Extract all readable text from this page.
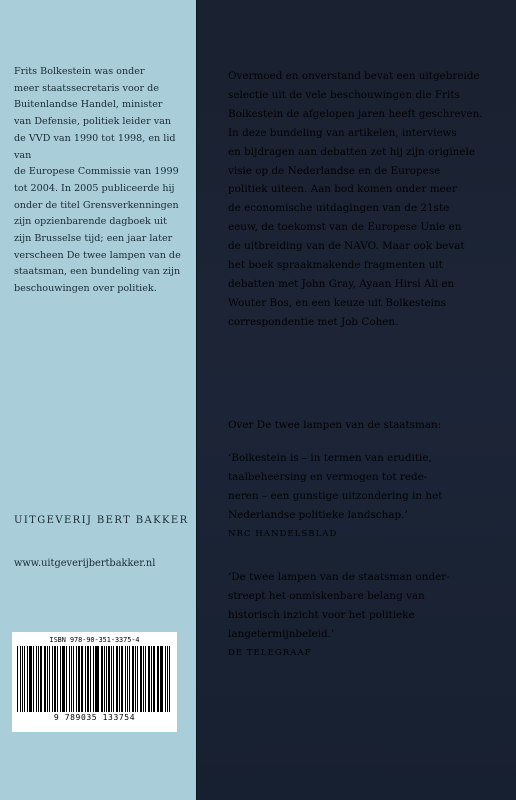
Frits Bolkestein was onder

meer staatssecretaris voor de

Buitenlandse Handel, minister

van Defensie, politiek leider van

de VVD van 1990 tot 1998, en lid van

de Europese Commissie van 1999

tot 2004. In 2005 publiceerde hij

onder de titel Grensverkenningen

zijn opzienbarende dagboek uit

zijn Brusselse tijd; een jaar later

verscheen De twee lampen van de

staatsman, een bundeling van zijn

beschouwingen over politiek.

UITGEVERIJ BERT BAKKER
www.uitgeverijbertbakker.nl
ISBN 978-90-351-3375-4
9 789035 133754

Overmoed en onverstand bevat een uitgebreide

selectie uit de vele beschouwingen die Frits

Bolkestein de afgelopen jaren heeft geschreven.

In deze bundeling van artikelen, interviews

en bijdragen aan debatten zet hij zijn originele

visie op de Nederlandse en de Europese

politiek uiteen. Aan bod komen onder meer

de economische uitdagingen van de 21ste

eeuw, de toekomst van de Europese Unie en

de uitbreiding van de NAVO. Maar ook bevat

het boek spraakmakende fragmenten uit

debatten met John Gray, Ayaan Hirsi Ali en

Wouter Bos, en een keuze uit Bolkesteins

correspondentie met Job Cohen.

Over De twee lampen van de staatsman:

‘Bolkestein is – in termen van eruditie,

taalbeheersing en vermogen tot rede-

neren – een gunstige uitzondering in het

Nederlandse politieke landschap.’

NRC HANDELSBLAD

‘De twee lampen van de staatsman onder-

streept het onmiskenbare belang van

historisch inzicht voor het politieke

langetermijnbeleid.’

DE TELEGRAAF
